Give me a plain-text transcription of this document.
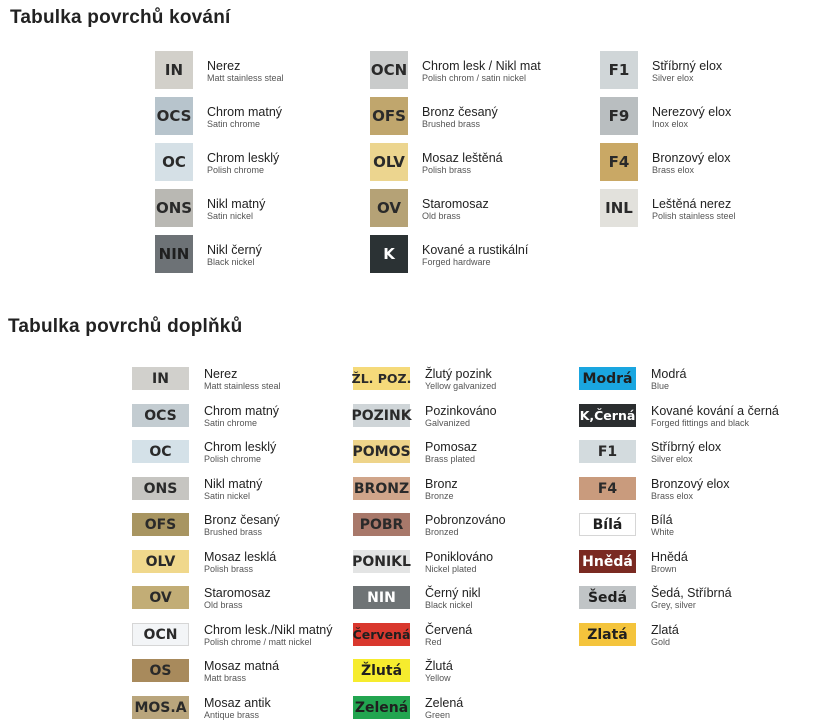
Tabulka povrchů kování
Tabulka povrchů doplňků
IN	Nerez
Matt stainless steal
OCS Chrom matný
Satin chrome
OC	Chrom lesklý
Polish chrome
ONS Nikl matný
Satin nickel
NIN Nikl černý
Black nickel
OCN Chrom lesk / Nikl mat
Polish chrom / satin nickel
OFS Bronz česaný
Brushed brass
OLV Mosaz leštěná
Polish brass
OV	Staromosaz
Old brass
K	Kované a rustikální
Forged hardware
F1	Stříbrný elox
Silver elox
F9	Nerezový elox
Inox elox
F4	Bronzový elox
Brass elox
INL	Leštěná nerez
Polish stainless steel
IN	Nerez
Matt stainless steal
OCS	Chrom matný
Satin chrome
OC	Chrom lesklý
Polish chrome
ONS	Nikl matný
Satin nickel
OFS	Bronz česaný
Brushed brass
OLV	Mosaz lesklá
Polish brass
OV	Staromosaz
Old brass
OCN	Chrom lesk./Nikl matný
Polish chrome / matt nickel
OS	Mosaz matná
Matt brass
MOS.A Mosaz antik
Antique brass
ŽL. POZ. Žlutý pozink
Yellow galvanized
POZINK Pozinkováno
Galvanized
POMOS Pomosaz
Brass plated
BRONZ Bronz
Bronze
POBR	Pobronzováno
Bronzed
PONIKL Poniklováno
Nickel plated
NIN	Černý nikl
Black nickel
Červená Červená
Red
Žlutá	Žlutá
Yellow
Zelená Zelená
Green
Modrá Modrá
Blue
K,Černá Kované kování a černá
Forged fittings and black
F1	Stříbrný elox
Silver elox
F4	Bronzový elox
Brass elox
Bílá	Bílá
White
Hnědá Hnědá
Brown
Šedá	Šedá, Stříbrná
Grey, silver
Zlatá	Zlatá
Gold
